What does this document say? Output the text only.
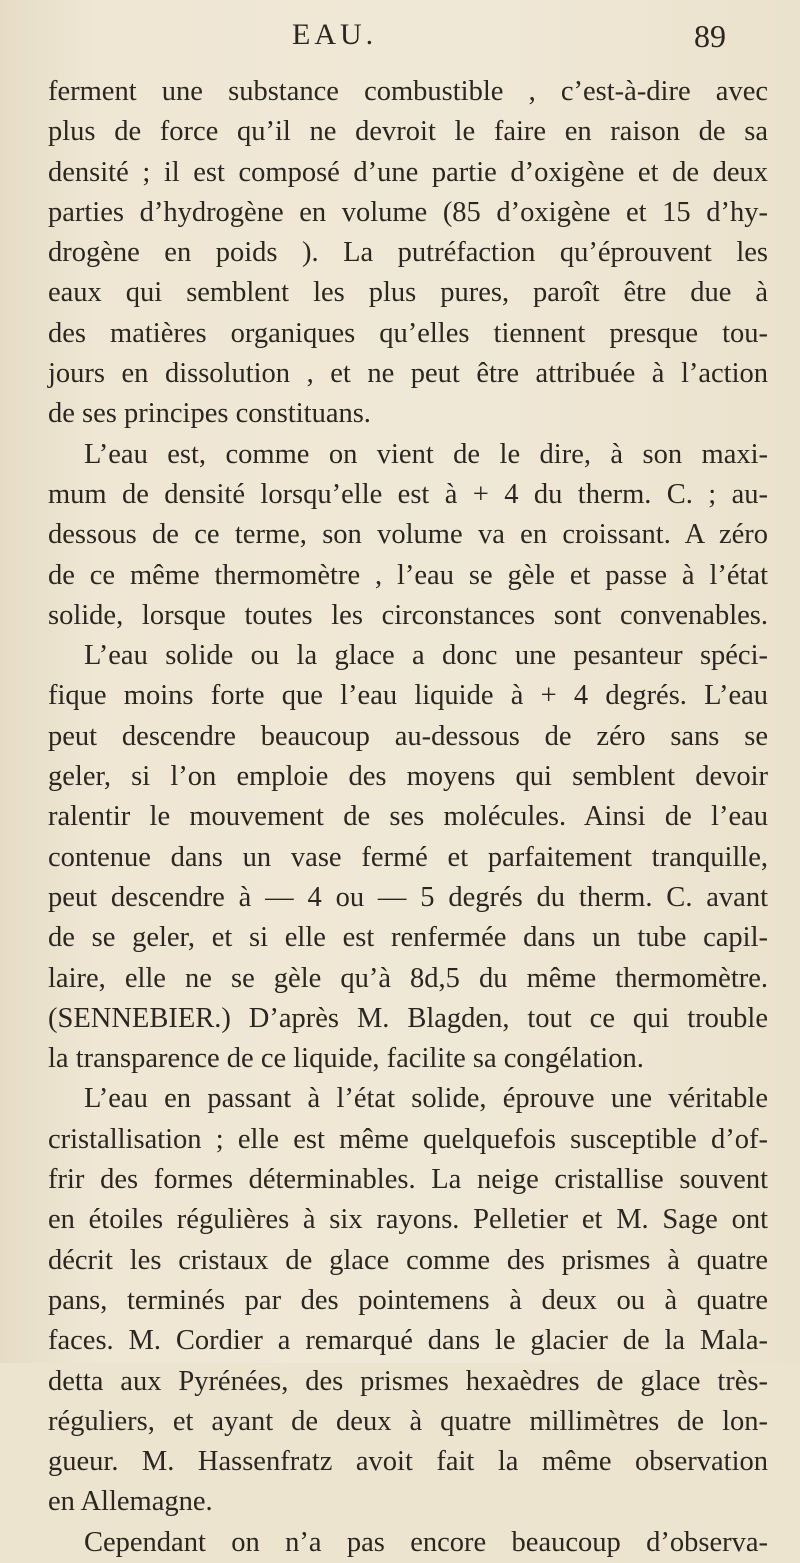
EAU.	89
ferment une substance combustible , c’est-à-dire avec
plus de force qu’il ne devroit le faire en raison de sa
densité ; il est composé d’une partie d’oxigène et de deux
parties d’hydrogène en volume (85 d’oxigène et 15 d’hy-
drogène en poids ). La putréfaction qu’éprouvent les
eaux qui semblent les plus pures, paroît être due à
des matières organiques qu’elles tiennent presque tou-
jours en dissolution , et ne peut être attribuée à l’action
de ses principes constituans.
L’eau est, comme on vient de le dire, à son maxi-
mum de densité lorsqu’elle est à + 4 du therm. C. ; au-
dessous de ce terme, son volume va en croissant. A zéro
de ce même thermomètre , l’eau se gèle et passe à l’état
solide, lorsque toutes les circonstances sont convenables.
L’eau solide ou la glace a donc une pesanteur spéci-
fique moins forte que l’eau liquide à + 4 degrés. L’eau
peut descendre beaucoup au-dessous de zéro sans se
geler, si l’on emploie des moyens qui semblent devoir
ralentir le mouvement de ses molécules. Ainsi de l’eau
contenue dans un vase fermé et parfaitement tranquille,
peut descendre à — 4 ou — 5 degrés du therm. C. avant
de se geler, et si elle est renfermée dans un tube capil-
laire, elle ne se gèle qu’à 8d,5 du même thermomètre.
(SENNEBIER.) D’après M. Blagden, tout ce qui trouble
la transparence de ce liquide, facilite sa congélation.
L’eau en passant à l’état solide, éprouve une véritable
cristallisation ; elle est même quelquefois susceptible d’of-
frir des formes déterminables. La neige cristallise souvent
en étoiles régulières à six rayons. Pelletier et M. Sage ont
décrit les cristaux de glace comme des prismes à quatre
pans, terminés par des pointemens à deux ou à quatre
faces. M. Cordier a remarqué dans le glacier de la Mala-
detta aux Pyrénées, des prismes hexaèdres de glace très-
réguliers, et ayant de deux à quatre millimètres de lon-
gueur. M. Hassenfratz avoit fait la même observation
en Allemagne.
Cependant on n’a pas encore beaucoup d’observa-
